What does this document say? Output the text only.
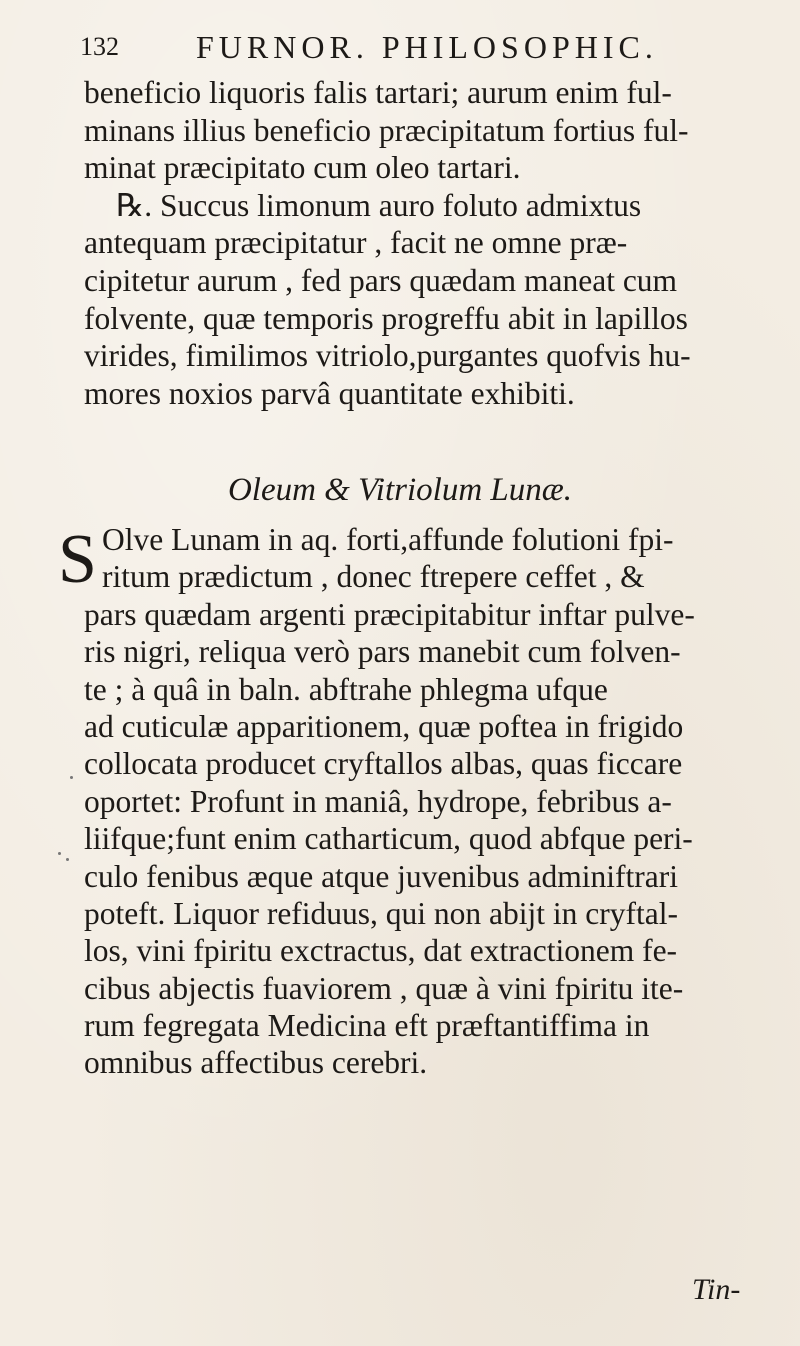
132 FURNOR. PHILOSOPHIC.
beneficio liquoris falis tartari; aurum enim ful-
minans illius beneficio præcipitatum fortius ful-
minat præcipitato cum oleo tartari.
℞. Succus limonum auro foluto admixtus
antequam præcipitatur , facit ne omne præ-
cipitetur aurum , fed pars quædam maneat cum
folvente, quæ temporis progreffu abit in lapillos
virides, fimilimos vitriolo,purgantes quofvis hu-
mores noxios parvâ quantitate exhibiti.
Oleum & Vitriolum Lunæ.
S Olve Lunam in aq. forti,affunde folutioni fpi-
ritum prædictum , donec ftrepere ceffet , &
pars quædam argenti præcipitabitur inftar pulve-
ris nigri, reliqua verò pars manebit cum folven-
te ; à quâ in baln. abftrahe phlegma ufque
ad cuticulæ apparitionem, quæ poftea in frigido
collocata producet cryftallos albas, quas ficcare
oportet: Profunt in maniâ, hydrope, febribus a-
liifque;funt enim catharticum, quod abfque peri-
culo fenibus æque atque juvenibus adminiftrari
poteft. Liquor refiduus, qui non abijt in cryftal-
los, vini fpiritu exctractus, dat extractionem fe-
cibus abjectis fuaviorem , quæ à vini fpiritu ite-
rum fegregata Medicina eft præftantiffima in
omnibus affectibus cerebri.
Tin-
